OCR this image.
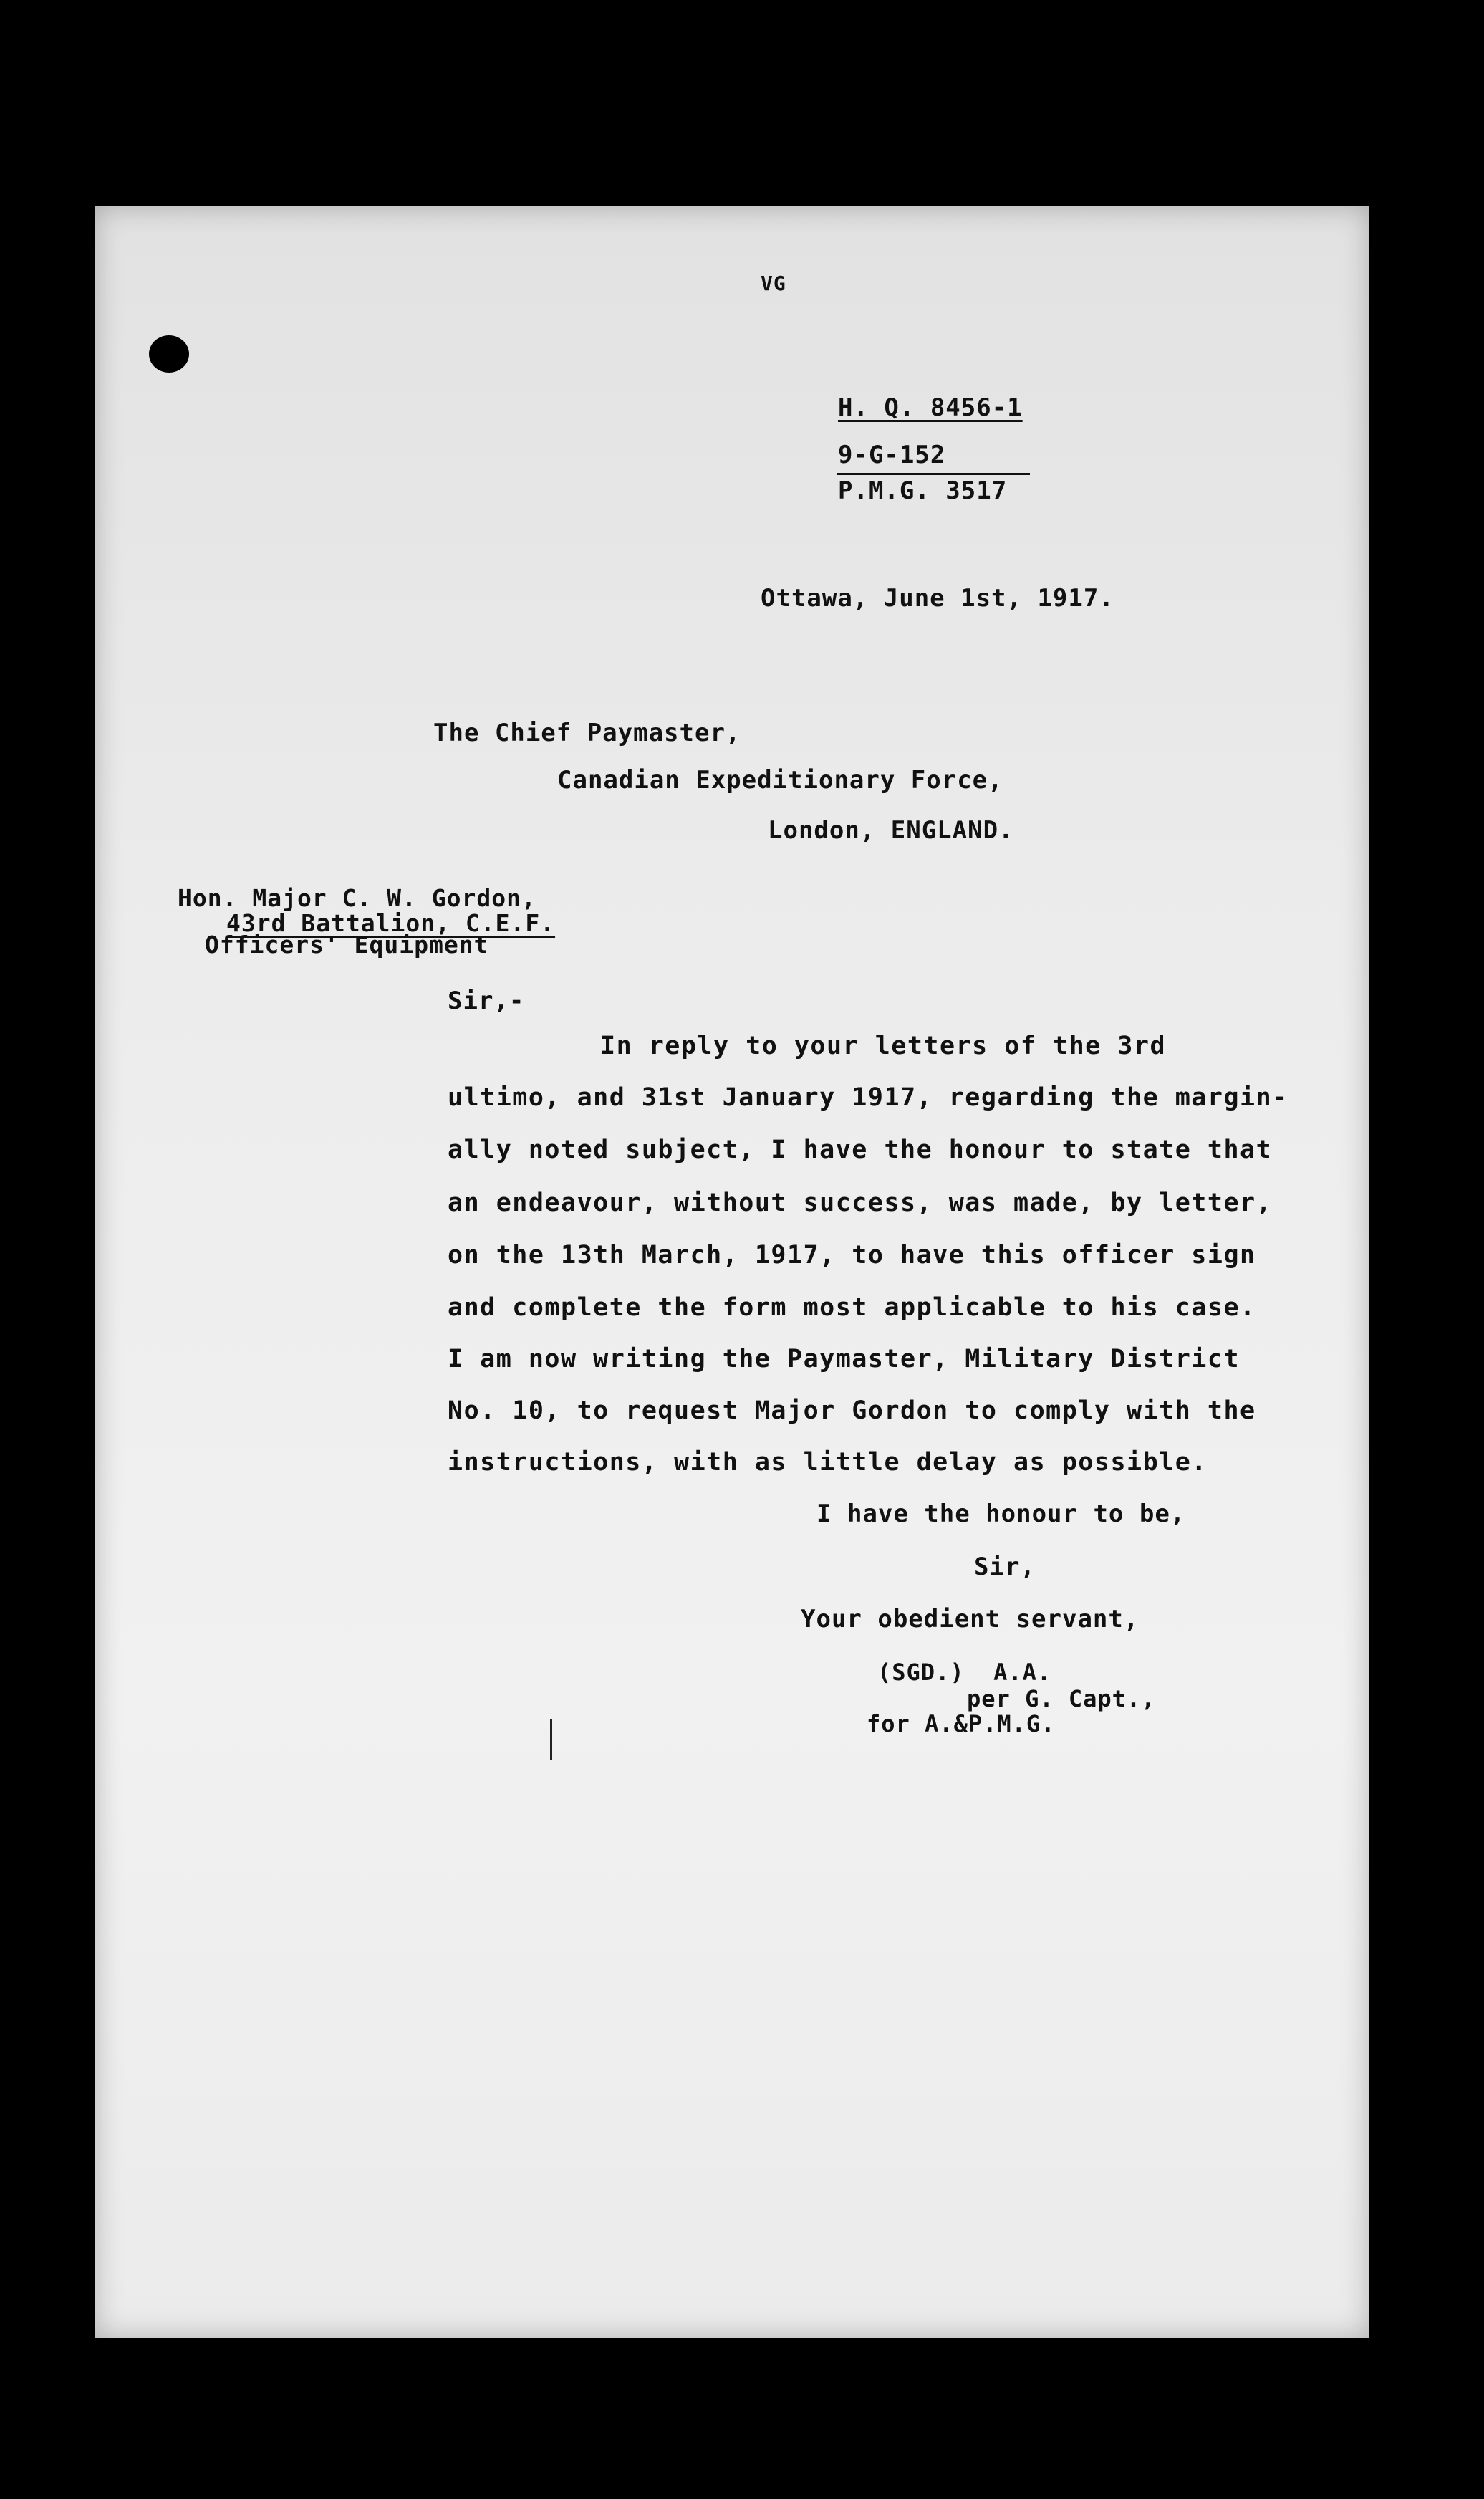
VG
H. Q. 8456-1
9-G-152
P.M.G. 3517
Ottawa, June 1st, 1917.
The Chief Paymaster,
Canadian Expeditionary Force,
London, ENGLAND.
Hon. Major C. W. Gordon,
43rd Battalion, C.E.F.
Officers' Equipment
Sir,-
In reply to your letters of the 3rd
ultimo, and 31st January 1917, regarding the margin-
ally noted subject, I have the honour to state that
an endeavour, without success, was made, by letter,
on the 13th March, 1917, to have this officer sign
and complete the form most applicable to his case.
I am now writing the Paymaster, Military District
No. 10, to request Major Gordon to comply with the
instructions, with as little delay as possible.
I have the honour to be,
Sir,
Your obedient servant,
(SGD.)  A.A.
per G. Capt.,
for A.&P.M.G.
